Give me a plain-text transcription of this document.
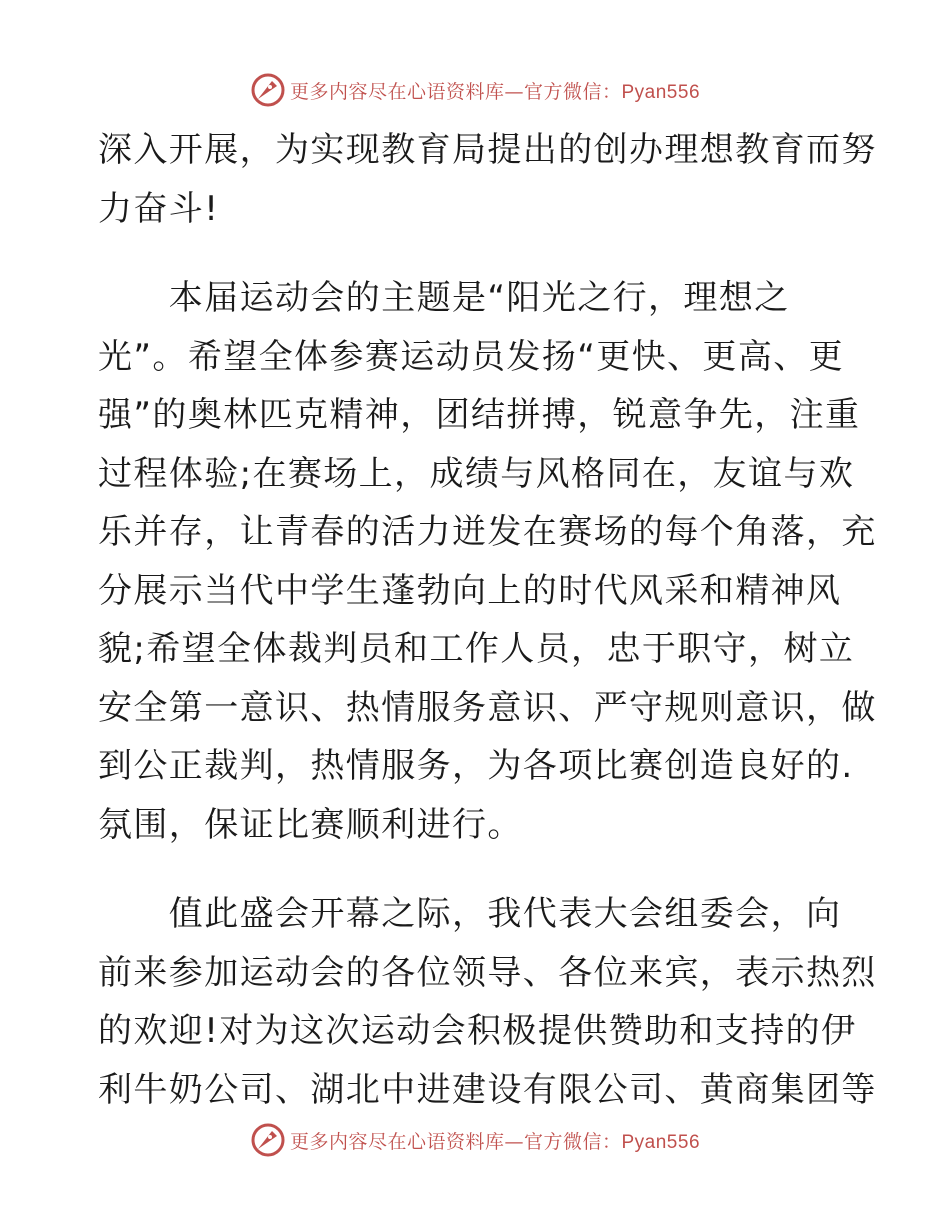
更多内容尽在心语资料库—官方微信：Pyan556
深入开展，为实现教育局提出的创办理想教育而努
力奋斗!
　　本届运动会的主题是“阳光之行，理想之
光”。希望全体参赛运动员发扬“更快、更高、更
强”的奥林匹克精神，团结拼搏，锐意争先，注重
过程体验;在赛场上，成绩与风格同在，友谊与欢
乐并存，让青春的活力迸发在赛场的每个角落，充
分展示当代中学生蓬勃向上的时代风采和精神风
貌;希望全体裁判员和工作人员，忠于职守，树立
安全第一意识、热情服务意识、严守规则意识，做
到公正裁判，热情服务，为各项比赛创造良好的.
氛围，保证比赛顺利进行。
　　值此盛会开幕之际，我代表大会组委会，向
前来参加运动会的各位领导、各位来宾，表示热烈
的欢迎!对为这次运动会积极提供赞助和支持的伊
利牛奶公司、湖北中进建设有限公司、黄商集团等
更多内容尽在心语资料库—官方微信：Pyan556
